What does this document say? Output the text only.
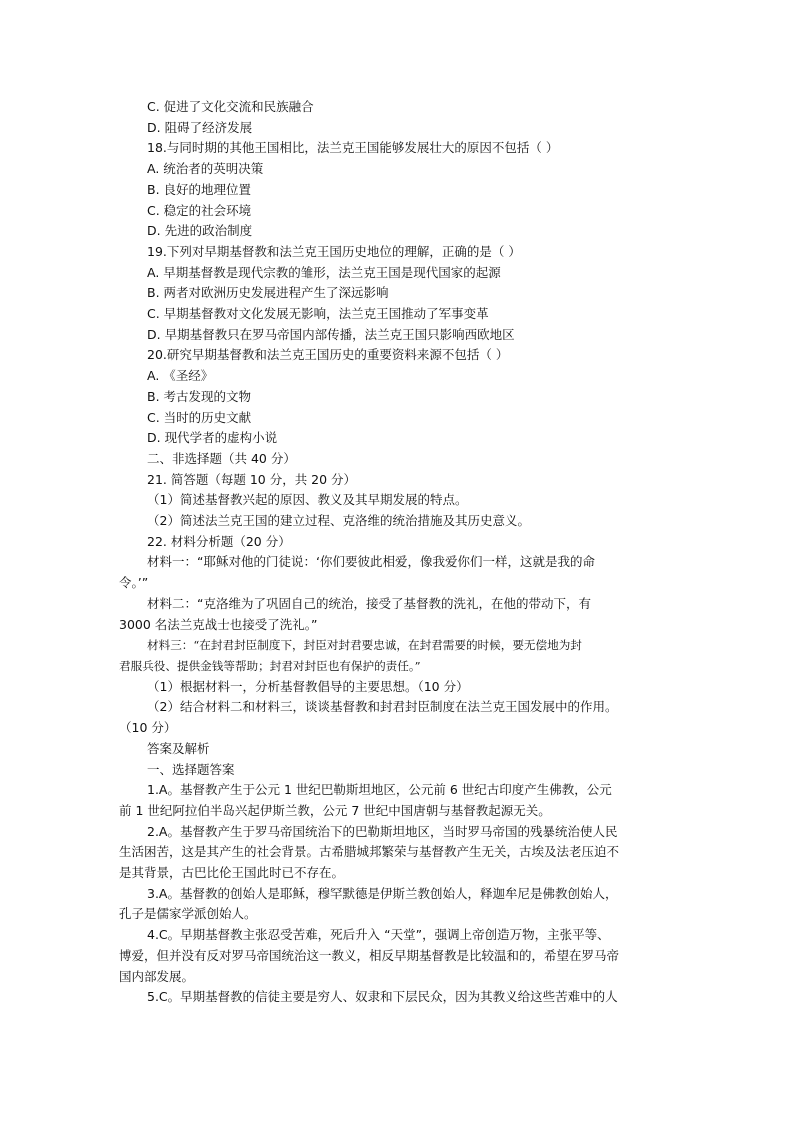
C. 促进了文化交流和民族融合
D. 阻碍了经济发展
18.与同时期的其他王国相比，法兰克王国能够发展壮大的原因不包括（ ）
A. 统治者的英明决策
B. 良好的地理位置
C. 稳定的社会环境
D. 先进的政治制度
19.下列对早期基督教和法兰克王国历史地位的理解，正确的是（ ）
A. 早期基督教是现代宗教的雏形，法兰克王国是现代国家的起源
B. 两者对欧洲历史发展进程产生了深远影响
C. 早期基督教对文化发展无影响，法兰克王国推动了军事变革
D. 早期基督教只在罗马帝国内部传播，法兰克王国只影响西欧地区
20.研究早期基督教和法兰克王国历史的重要资料来源不包括（ ）
A. 《圣经》
B. 考古发现的文物
C. 当时的历史文献
D. 现代学者的虚构小说
二、非选择题（共 40 分）
21. 简答题（每题 10 分，共 20 分）
（1）简述基督教兴起的原因、教义及其早期发展的特点。
（2）简述法兰克王国的建立过程、克洛维的统治措施及其历史意义。
22. 材料分析题（20 分）
材料一：“耶稣对他的门徒说：‘你们要彼此相爱，像我爱你们一样，这就是我的命
令。’”
材料二：“克洛维为了巩固自己的统治，接受了基督教的洗礼，在他的带动下，有
3000 名法兰克战士也接受了洗礼。”
材料三：“在封君封臣制度下，封臣对封君要忠诚，在封君需要的时候，要无偿地为封
君服兵役、提供金钱等帮助；封君对封臣也有保护的责任。”
（1）根据材料一，分析基督教倡导的主要思想。（10 分）
（2）结合材料二和材料三，谈谈基督教和封君封臣制度在法兰克王国发展中的作用。
（10 分）
答案及解析
一、选择题答案
1.A。基督教产生于公元 1 世纪巴勒斯坦地区，公元前 6 世纪古印度产生佛教，公元
前 1 世纪阿拉伯半岛兴起伊斯兰教，公元 7 世纪中国唐朝与基督教起源无关。
2.A。基督教产生于罗马帝国统治下的巴勒斯坦地区，当时罗马帝国的残暴统治使人民
生活困苦，这是其产生的社会背景。古希腊城邦繁荣与基督教产生无关，古埃及法老压迫不
是其背景，古巴比伦王国此时已不存在。
3.A。基督教的创始人是耶稣，穆罕默德是伊斯兰教创始人，释迦牟尼是佛教创始人，
孔子是儒家学派创始人。
4.C。早期基督教主张忍受苦难，死后升入 “天堂”，强调上帝创造万物，主张平等、
博爱，但并没有反对罗马帝国统治这一教义，相反早期基督教是比较温和的，希望在罗马帝
国内部发展。
5.C。早期基督教的信徒主要是穷人、奴隶和下层民众，因为其教义给这些苦难中的人
